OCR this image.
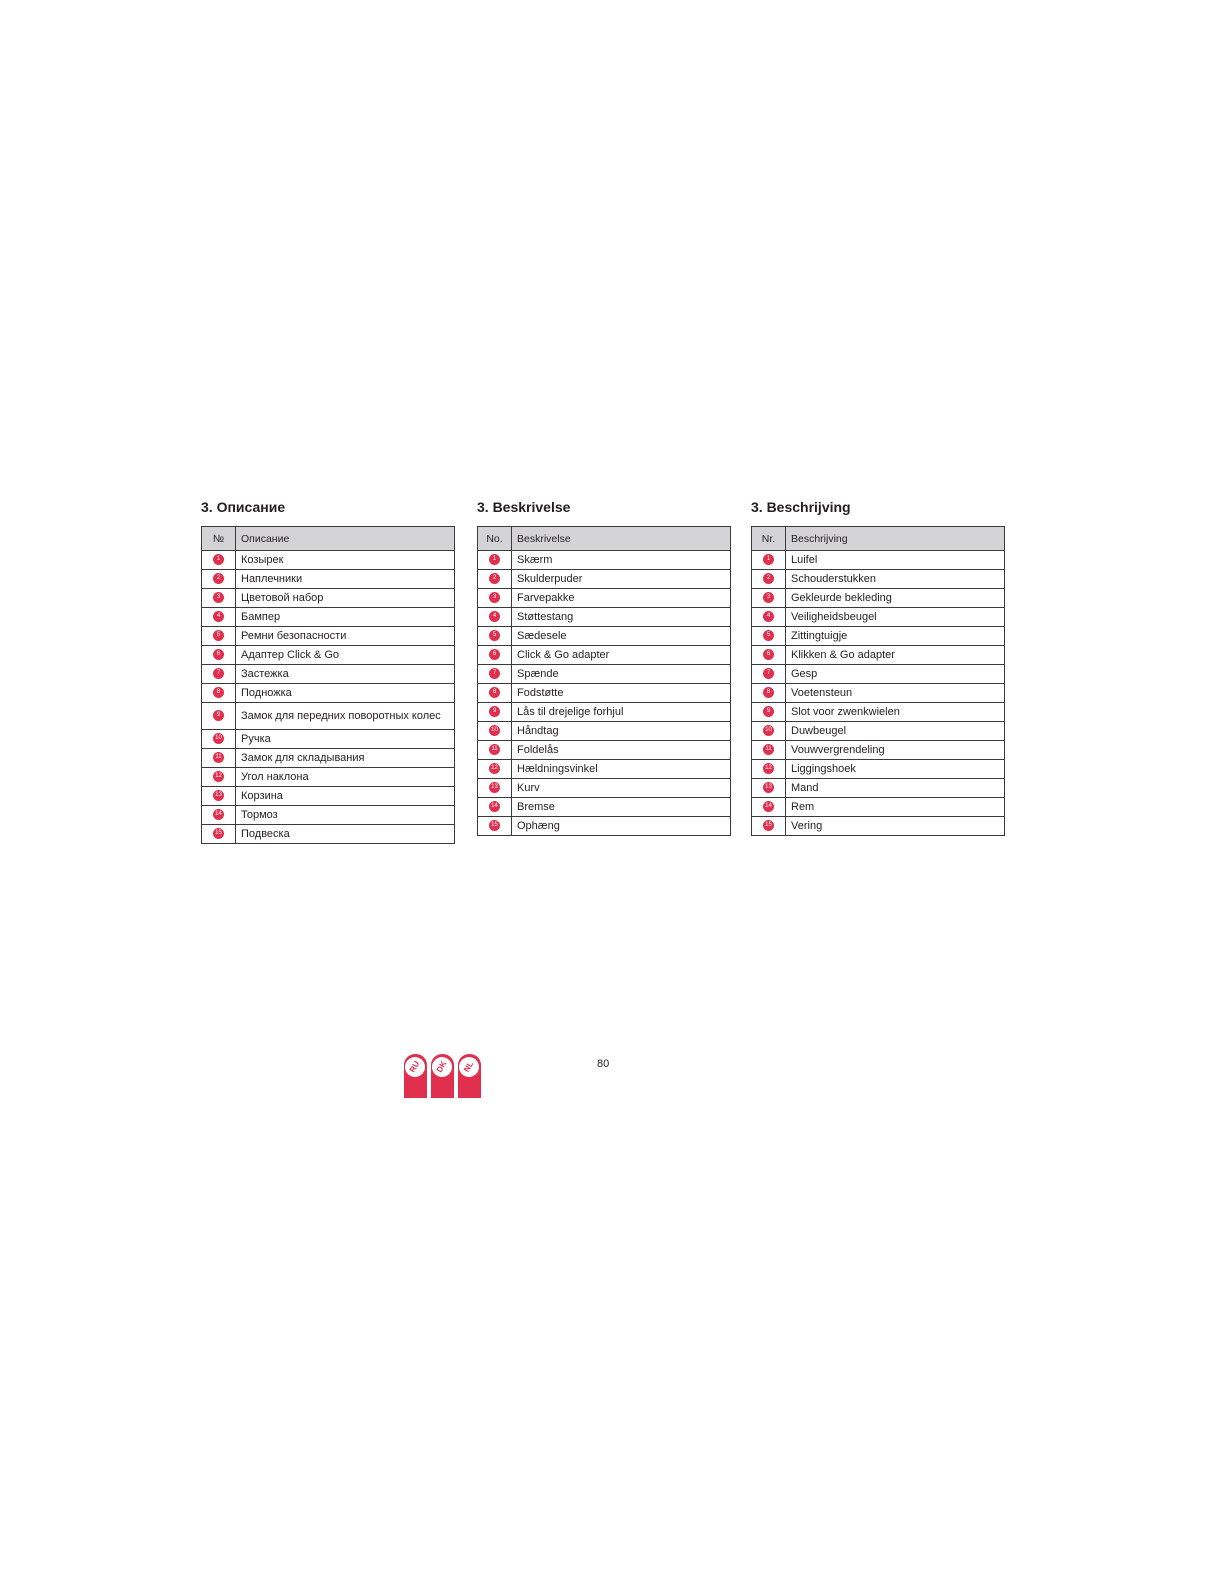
3. Описание
№	Описание
1	Козырек
2	Наплечники
3	Цветовой набор
4	Бампер
5	Ремни безопасности
6	Адаптер Click & Go
7	Застежка
8	Подножка
9	Замок для передних поворотных колес
10	Ручка
11	Замок для складывания
12	Угол наклона
13	Корзина
14	Тормоз
15	Подвеска
3. Beskrivelse
No.	Beskrivelse
1	Skærm
2	Skulderpuder
3	Farvepakke
4	Støttestang
5	Sædesele
6	Click & Go adapter
7	Spænde
8	Fodstøtte
9	Lås til drejelige forhjul
10	Håndtag
11	Foldelås
12	Hældningsvinkel
13	Kurv
14	Bremse
15	Ophæng
3. Beschrijving
Nr.	Beschrijving
1	Luifel
2	Schouderstukken
3	Gekleurde bekleding
4	Veiligheidsbeugel
5	Zittingtuigje
6	Klikken & Go adapter
7	Gesp
8	Voetensteun
9	Slot voor zwenkwielen
10	Duwbeugel
11	Vouwvergrendeling
12	Liggingshoek
13	Mand
14	Rem
15	Vering
RU	DK	NL	80
